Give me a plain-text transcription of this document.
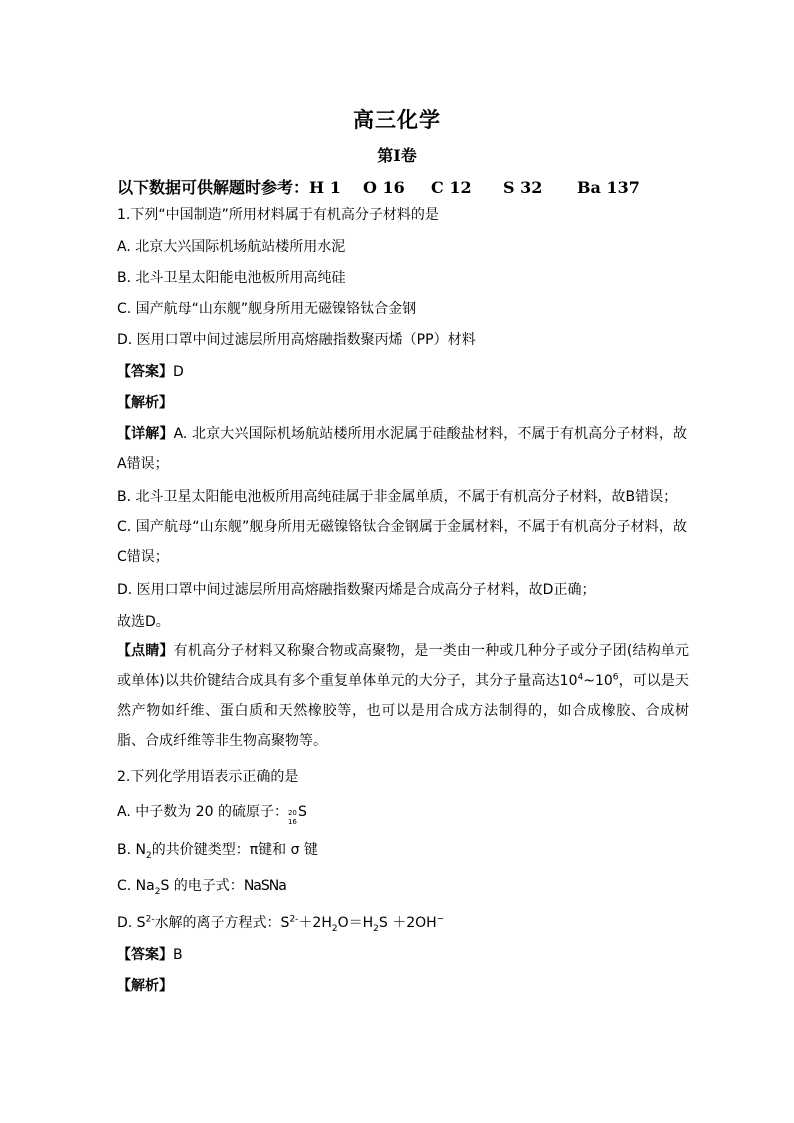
高三化学
第I卷
以下数据可供解题时参考：H 1 O 16 C 12 S 32 Ba 137
1.下列“中国制造”所用材料属于有机高分子材料的是
A. 北京大兴国际机场航站楼所用水泥
B. 北斗卫星太阳能电池板所用高纯硅
C. 国产航母“山东舰”舰身所用无磁镍铬钛合金钢
D. 医用口罩中间过滤层所用高熔融指数聚丙烯（PP）材料
【答案】D
【解析】
【详解】A. 北京大兴国际机场航站楼所用水泥属于硅酸盐材料，不属于有机高分子材料，故A错误；
B. 北斗卫星太阳能电池板所用高纯硅属于非金属单质，不属于有机高分子材料，故B错误；
C. 国产航母“山东舰”舰身所用无磁镍铬钛合金钢属于金属材料，不属于有机高分子材料，故C错误；
D. 医用口罩中间过滤层所用高熔融指数聚丙烯是合成高分子材料，故D正确；
故选D。
【点睛】有机高分子材料又称聚合物或高聚物，是一类由一种或几种分子或分子团(结构单元或单体)以共价键结合成具有多个重复单体单元的大分子，其分子量高达$10^4\sim 10^6$，可以是天然产物如纤维、蛋白质和天然橡胶等，也可以是用合成方法制得的，如合成橡胶、合成树脂、合成纤维等非生物高聚物等。
2.下列化学用语表示正确的是
A. 中子数为 20 的硫原子： 20
16
S
B. $N_2$的共价键类型：π键和 σ 键
C. $Na_2S$ 的电子式：NaSNa
D. $S^{2-}$水解的离子方程式：$S^{2-}+2H_2O=H_2S +2OH^-$
【答案】B
【解析】
